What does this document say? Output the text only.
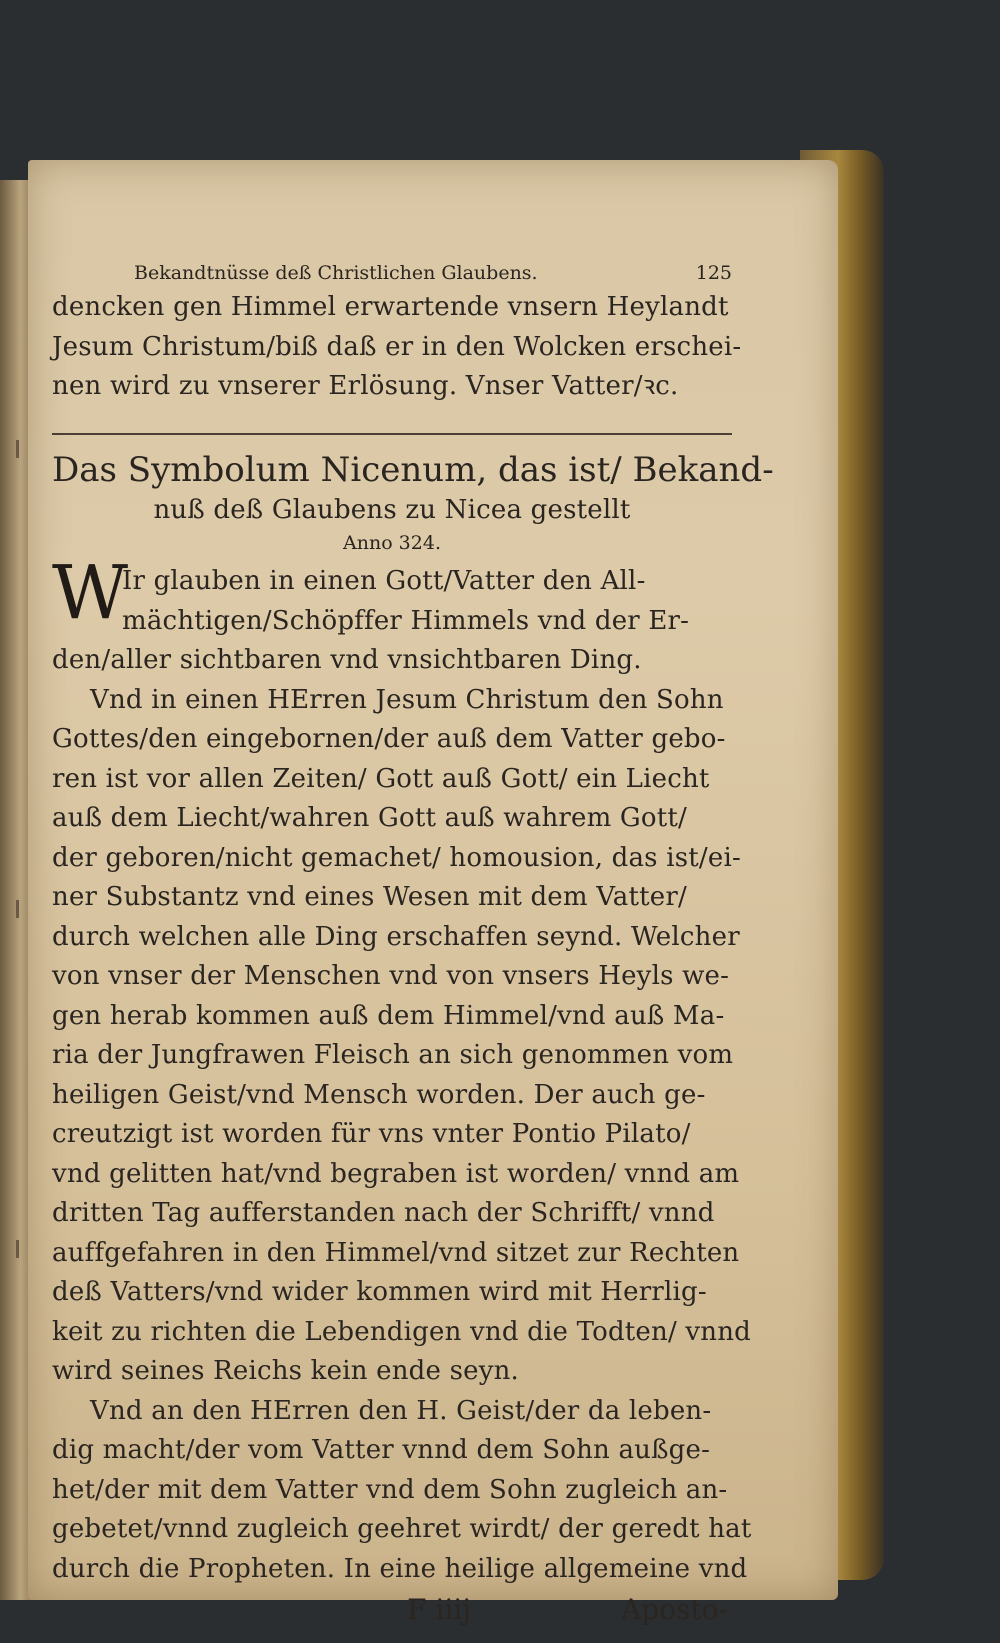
Bekandtnüsse deß Christlichen Glaubens.	125
dencken gen Himmel erwartende vnsern Heylandt
Jesum Christum/biß daß er in den Wolcken erschei-
nen wird zu vnserer Erlösung. Vnser Vatter/ꝛc.
Das Symbolum Nicenum, das ist/ Bekand-
nuß deß Glaubens zu Nicea gestellt
Anno 324.
W
Ir glauben in einen Gott/Vatter den All-
mächtigen/Schöpffer Himmels vnd der Er-
den/aller sichtbaren vnd vnsichtbaren Ding.
Vnd in einen HErren Jesum Christum den Sohn
Gottes/den eingebornen/der auß dem Vatter gebo-
ren ist vor allen Zeiten/ Gott auß Gott/ ein Liecht
auß dem Liecht/wahren Gott auß wahrem Gott/
der geboren/nicht gemachet/ homousion, das ist/ei-
ner Substantz vnd eines Wesen mit dem Vatter/
durch welchen alle Ding erschaffen seynd. Welcher
von vnser der Menschen vnd von vnsers Heyls we-
gen herab kommen auß dem Himmel/vnd auß Ma-
ria der Jungfrawen Fleisch an sich genommen vom
heiligen Geist/vnd Mensch worden. Der auch ge-
creutzigt ist worden für vns vnter Pontio Pilato/
vnd gelitten hat/vnd begraben ist worden/ vnnd am
dritten Tag aufferstanden nach der Schrifft/ vnnd
auffgefahren in den Himmel/vnd sitzet zur Rechten
deß Vatters/vnd wider kommen wird mit Herrlig-
keit zu richten die Lebendigen vnd die Todten/ vnnd
wird seines Reichs kein ende seyn.
Vnd an den HErren den H. Geist/der da leben-
dig macht/der vom Vatter vnnd dem Sohn außge-
het/der mit dem Vatter vnd dem Sohn zugleich an-
gebetet/vnnd zugleich geehret wirdt/ der geredt hat
durch die Propheten. In eine heilige allgemeine vnd
F iiij	Aposto-
